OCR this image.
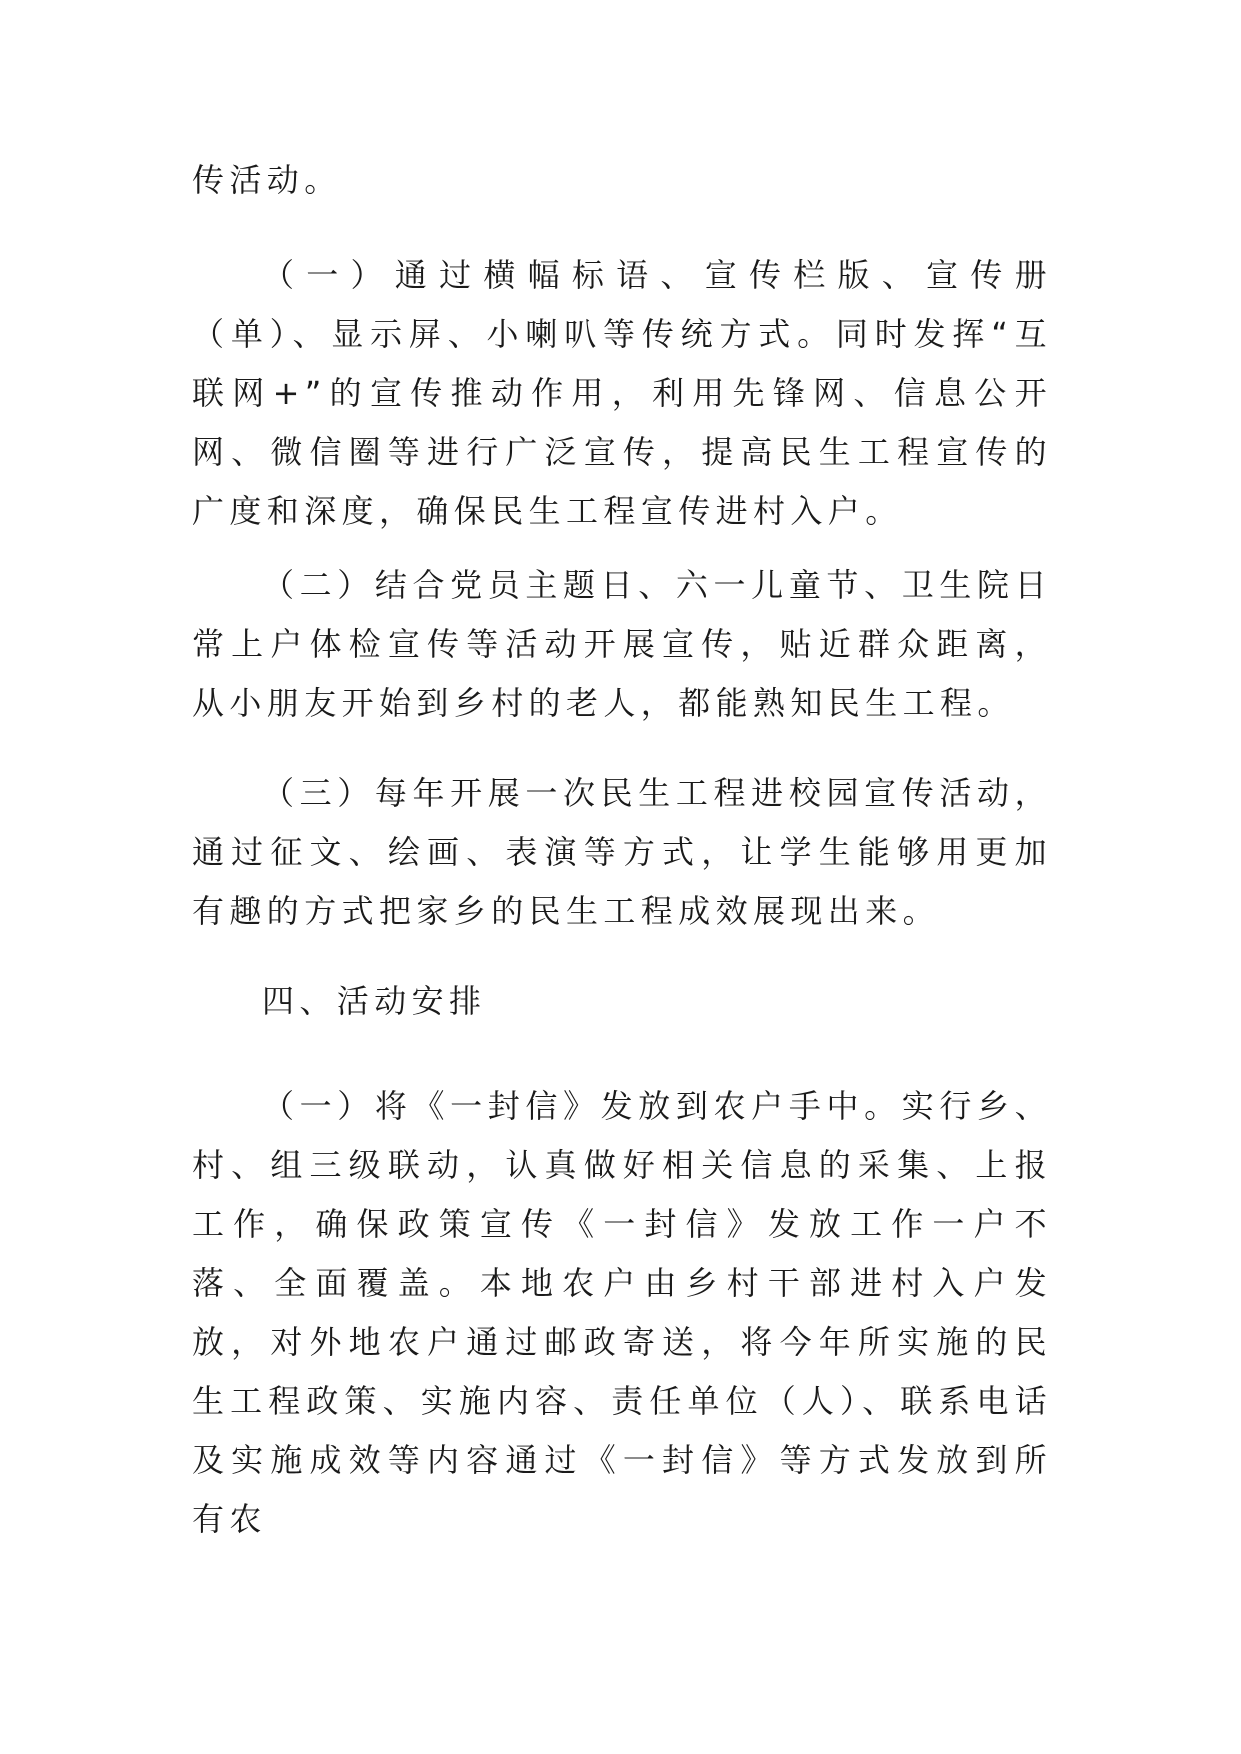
传活动。

（一）通过横幅标语、宣传栏版、宣传册（单）、显示屏、小喇叭等传统方式。同时发挥“互联网+”的宣传推动作用，利用先锋网、信息公开网、微信圈等进行广泛宣传，提高民生工程宣传的广度和深度，确保民生工程宣传进村入户。

（二）结合党员主题日、六一儿童节、卫生院日常上户体检宣传等活动开展宣传，贴近群众距离，从小朋友开始到乡村的老人，都能熟知民生工程。

（三）每年开展一次民生工程进校园宣传活动，通过征文、绘画、表演等方式，让学生能够用更加有趣的方式把家乡的民生工程成效展现出来。

四、活动安排

（一）将《一封信》发放到农户手中。实行乡、村、组三级联动，认真做好相关信息的采集、上报工作，确保政策宣传《一封信》发放工作一户不落、全面覆盖。本地农户由乡村干部进村入户发放，对外地农户通过邮政寄送，将今年所实施的民生工程政策、实施内容、责任单位（人）、联系电话及实施成效等内容通过《一封信》等方式发放到所有农
